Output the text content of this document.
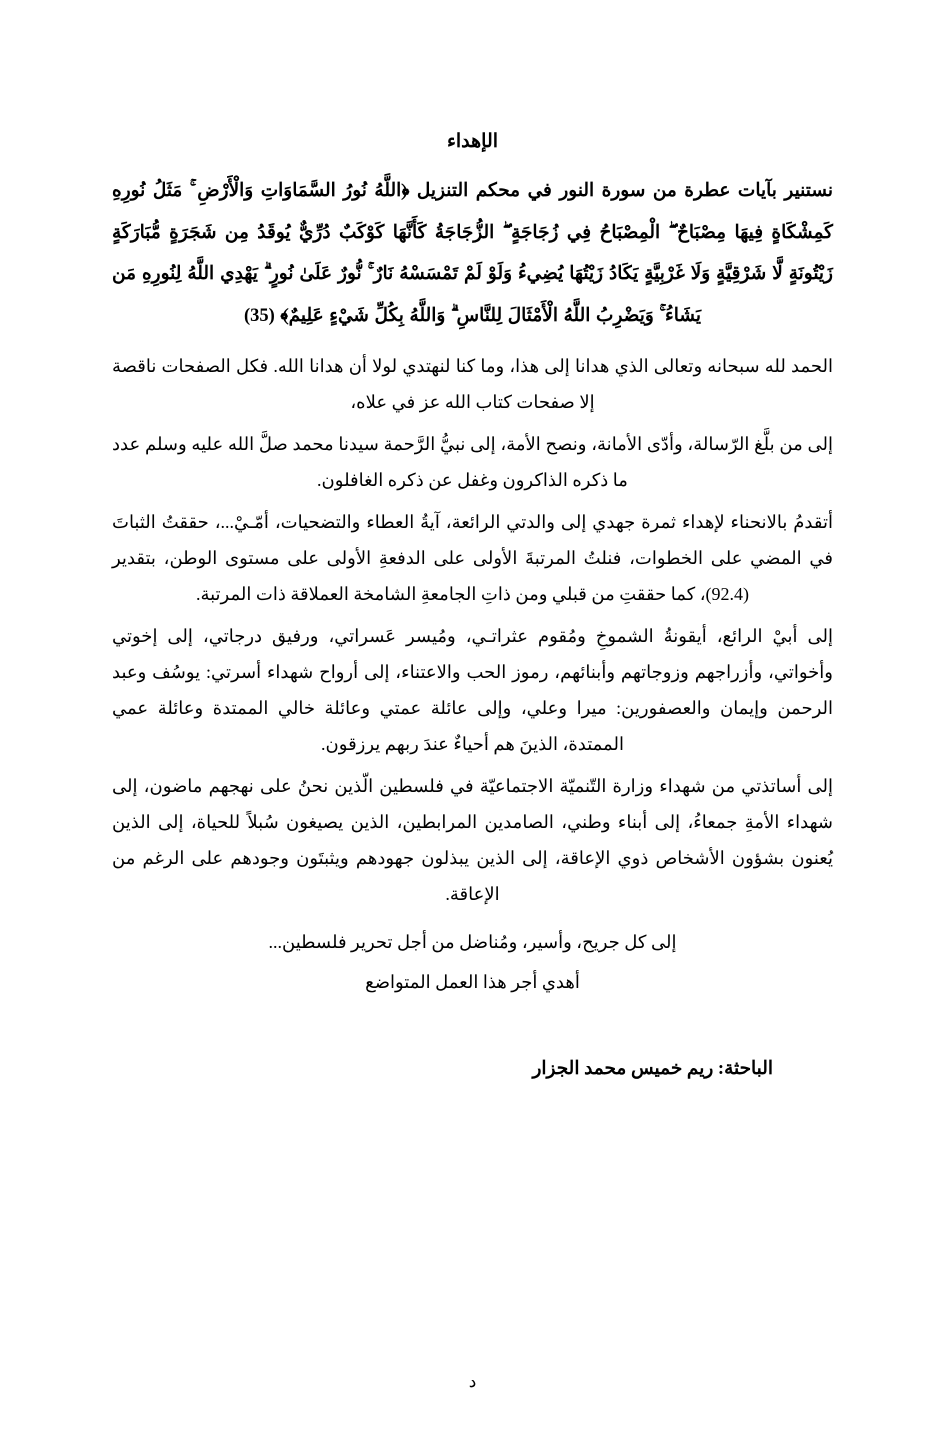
الإهداء

نستنير بآيات عطرة من سورة النور في محكم التنزيل ﴿اللَّهُ نُورُ السَّمَاوَاتِ وَالْأَرْضِ ۚ مَثَلُ نُورِهِ كَمِشْكَاةٍ فِيهَا مِصْبَاحٌ ۖ الْمِصْبَاحُ فِي زُجَاجَةٍ ۖ الزُّجَاجَةُ كَأَنَّهَا كَوْكَبٌ دُرِّيٌّ يُوقَدُ مِن شَجَرَةٍ مُّبَارَكَةٍ زَيْتُونَةٍ لَّا شَرْقِيَّةٍ وَلَا غَرْبِيَّةٍ يَكَادُ زَيْتُهَا يُضِيءُ وَلَوْ لَمْ تَمْسَسْهُ نَارٌ ۚ نُّورٌ عَلَىٰ نُورٍ ۗ يَهْدِي اللَّهُ لِنُورِهِ مَن يَشَاءُ ۚ وَيَضْرِبُ اللَّهُ الْأَمْثَالَ لِلنَّاسِ ۗ وَاللَّهُ بِكُلِّ شَيْءٍ عَلِيمٌ﴾ (35)

الحمد لله سبحانه وتعالى الذي هدانا إلى هذا، وما كنا لنهتدي لولا أن هدانا الله. فكل الصفحات ناقصة إلا صفحات كتاب الله عز في علاه،

إلى من بلَّغ الرّسالة، وأدّى الأمانة، ونصح الأمة، إلى نبيُّ الرَّحمة سيدنا محمد صلَّ الله عليه وسلم عدد ما ذكره الذاكرون وغفل عن ذكره الغافلون.

أتقدمُ بالانحناء لإهداء ثمرة جهدي إلى والدتي الرائعة، آيةُ العطاء والتضحيات، أمّـيْ...، حققتُ الثباتَ في المضي على الخطوات، فنلتُ المرتبةَ الأولى على الدفعةِ الأولى على مستوى الوطن، بتقدير (92.4)، كما حققتِ من قبلي ومن ذاتِ الجامعةِ الشامخة العملاقة ذات المرتبة.

إلى أبيْ الرائع، أيقونةُ الشموخِ ومُقوم عثراتـي، ومُيسر عَسراتي، ورفيق درجاتي، إلى إخوتي وأخواتي، وأزراجهم وزوجاتهم وأبنائهم، رموز الحب والاعتناء، إلى أرواح شهداء أسرتي: يوسُف وعبد الرحمن وإيمان والعصفورين: ميرا وعلي، وإلى عائلة عمتي وعائلة خالي الممتدة وعائلة عمي الممتدة، الذينَ هم أحياءٌ عندَ ربهم يرزقون.

إلى أساتذتي من شهداء وزارة التّنميّة الاجتماعيّة في فلسطين الّذين نحنُ على نهجهم ماضون، إلى شهداء الأمةِ جمعاءُ، إلى أبناء وطني، الصامدين المرابطين، الذين يصيغون سُبلاً للحياة، إلى الذين يُعنون بشؤون الأشخاص ذوي الإعاقة، إلى الذين يبذلون جهودهم ويثبتَون وجودهم على الرغم من الإعاقة.

إلى كل جريح، وأسير، ومُناضل من أجل تحرير فلسطين...

أهدي أجر هذا العمل المتواضع

الباحثة: ريم خميس محمد الجزار
د
